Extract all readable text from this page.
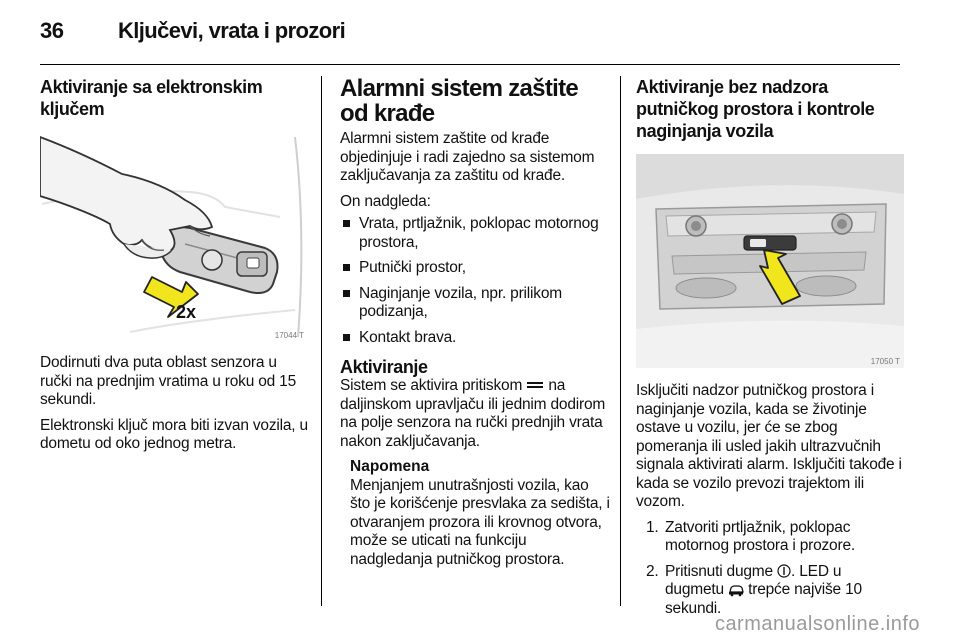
36 Ključevi, vrata i prozori
Aktiviranje sa elektronskim ključem
2x
17044 T

Dodirnuti dva puta oblast senzora u ručki na prednjim vratima u roku od 15 sekundi.

Elektronski ključ mora biti izvan vozila, u dometu od oko jednog metra.

Alarmni sistem zaštite od krađe

Alarmni sistem zaštite od krađe objedinjuje i radi zajedno sa sistemom zaključavanja za zaštitu od krađe.

On nadgleda:

Vrata, prtljažnik, poklopac motornog prostora,
Putnički prostor,
Naginjanje vozila, npr. prilikom podizanja,
Kontakt brava.
Aktiviranje

Sistem se aktivira pritiskom na daljinskom upravljaču ili jednim dodirom na polje senzora na ručki prednjih vrata nakon zaključavanja.

Napomena

Menjanjem unutrašnjosti vozila, kao što je korišćenje presvlaka za sedišta, i otvaranjem prozora ili krovnog otvora, može se uticati na funkciju nadgledanja putničkog prostora.

Aktiviranje bez nadzora putničkog prostora i kontrole naginjanja vozila
17050 T

Isključiti nadzor putničkog prostora i naginjanje vozila, kada se životinje ostave u vozilu, jer će se zbog pomeranja ili usled jakih ultrazvučnih signala aktivirati alarm. Isključiti takođe i kada se vozilo prevozi trajektom ili vozom.

1. Zatvoriti prtljažnik, poklopac motornog prostora i prozore.
2. Pritisnuti dugme . LED u dugmetu trepće najviše 10 sekundi.
carmanualsonline.info
